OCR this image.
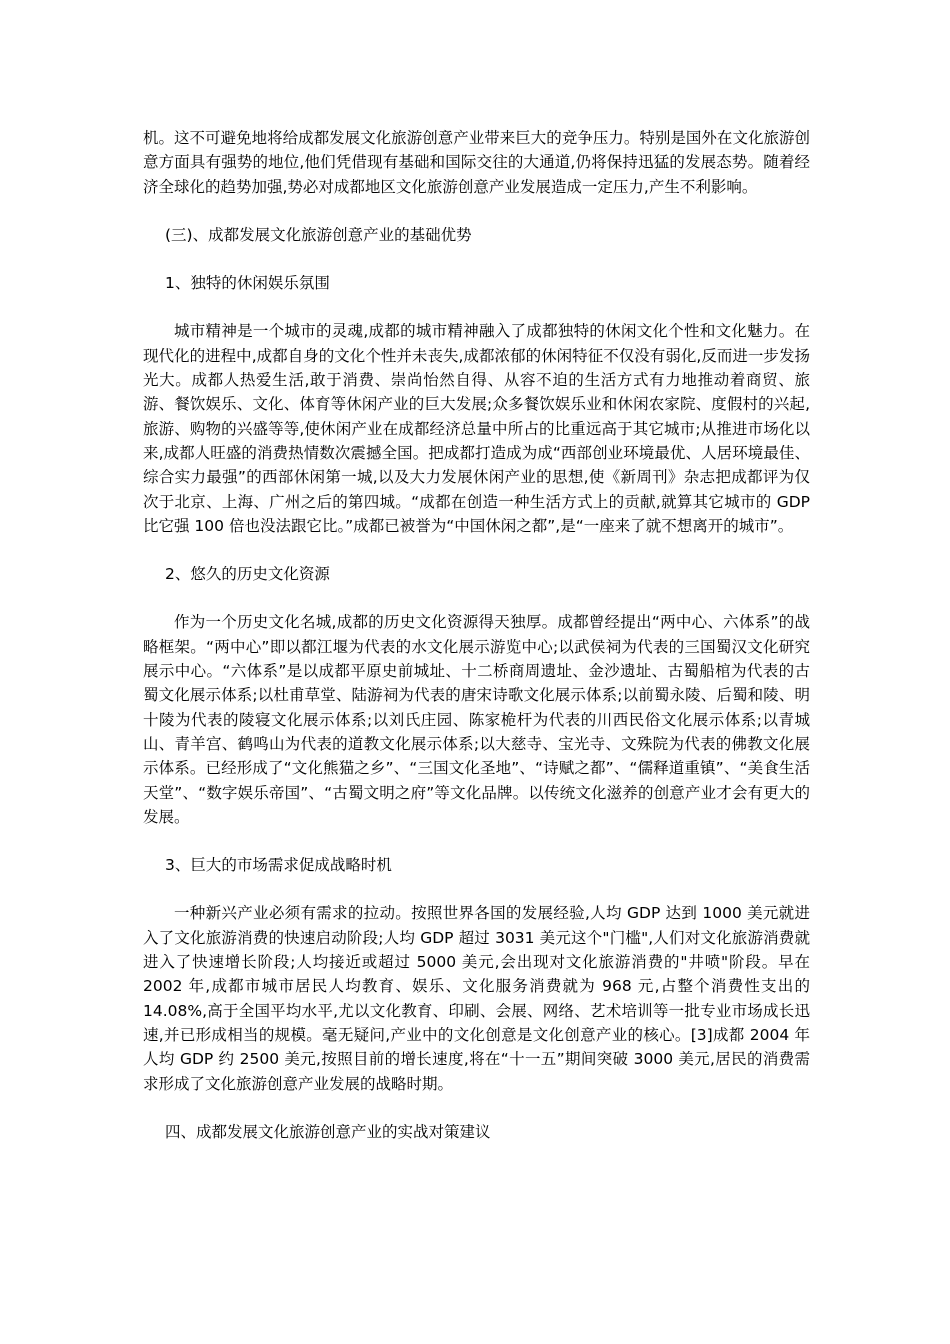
机。这不可避免地将给成都发展文化旅游创意产业带来巨大的竞争压力。特别是国外在文化旅游创意方面具有强势的地位,他们凭借现有基础和国际交往的大通道,仍将保持迅猛的发展态势。随着经济全球化的趋势加强,势必对成都地区文化旅游创意产业发展造成一定压力,产生不利影响。

(三)、成都发展文化旅游创意产业的基础优势

1、独特的休闲娱乐氛围

城市精神是一个城市的灵魂,成都的城市精神融入了成都独特的休闲文化个性和文化魅力。在现代化的进程中,成都自身的文化个性并未丧失,成都浓郁的休闲特征不仅没有弱化,反而进一步发扬光大。成都人热爱生活,敢于消费、崇尚怡然自得、从容不迫的生活方式有力地推动着商贸、旅游、餐饮娱乐、文化、体育等休闲产业的巨大发展;众多餐饮娱乐业和休闲农家院、度假村的兴起,旅游、购物的兴盛等等,使休闲产业在成都经济总量中所占的比重远高于其它城市;从推进市场化以来,成都人旺盛的消费热情数次震撼全国。把成都打造成为成“西部创业环境最优、人居环境最佳、综合实力最强”的西部休闲第一城,以及大力发展休闲产业的思想,使《新周刊》杂志把成都评为仅次于北京、上海、广州之后的第四城。“成都在创造一种生活方式上的贡献,就算其它城市的 GDP 比它强 100 倍也没法跟它比。”成都已被誉为“中国休闲之都”,是“一座来了就不想离开的城市”。

2、悠久的历史文化资源

作为一个历史文化名城,成都的历史文化资源得天独厚。成都曾经提出“两中心、六体系”的战略框架。“两中心”即以都江堰为代表的水文化展示游览中心;以武侯祠为代表的三国蜀汉文化研究展示中心。“六体系”是以成都平原史前城址、十二桥商周遗址、金沙遗址、古蜀船棺为代表的古蜀文化展示体系;以杜甫草堂、陆游祠为代表的唐宋诗歌文化展示体系;以前蜀永陵、后蜀和陵、明十陵为代表的陵寝文化展示体系;以刘氏庄园、陈家桅杆为代表的川西民俗文化展示体系;以青城山、青羊宫、鹤鸣山为代表的道教文化展示体系;以大慈寺、宝光寺、文殊院为代表的佛教文化展示体系。已经形成了“文化熊猫之乡”、“三国文化圣地”、“诗赋之都”、“儒释道重镇”、“美食生活天堂”、“数字娱乐帝国”、“古蜀文明之府”等文化品牌。以传统文化滋养的创意产业才会有更大的发展。

3、巨大的市场需求促成战略时机

一种新兴产业必须有需求的拉动。按照世界各国的发展经验,人均 GDP 达到 1000 美元就进入了文化旅游消费的快速启动阶段;人均 GDP 超过 3031 美元这个"门槛",人们对文化旅游消费就进入了快速增长阶段;人均接近或超过 5000 美元,会出现对文化旅游消费的"井喷"阶段。早在 2002 年,成都市城市居民人均教育、娱乐、文化服务消费就为 968 元,占整个消费性支出的 14.08%,高于全国平均水平,尤以文化教育、印刷、会展、网络、艺术培训等一批专业市场成长迅速,并已形成相当的规模。毫无疑问,产业中的文化创意是文化创意产业的核心。[3]成都 2004 年人均 GDP 约 2500 美元,按照目前的增长速度,将在“十一五”期间突破 3000 美元,居民的消费需求形成了文化旅游创意产业发展的战略时期。

四、成都发展文化旅游创意产业的实战对策建议
